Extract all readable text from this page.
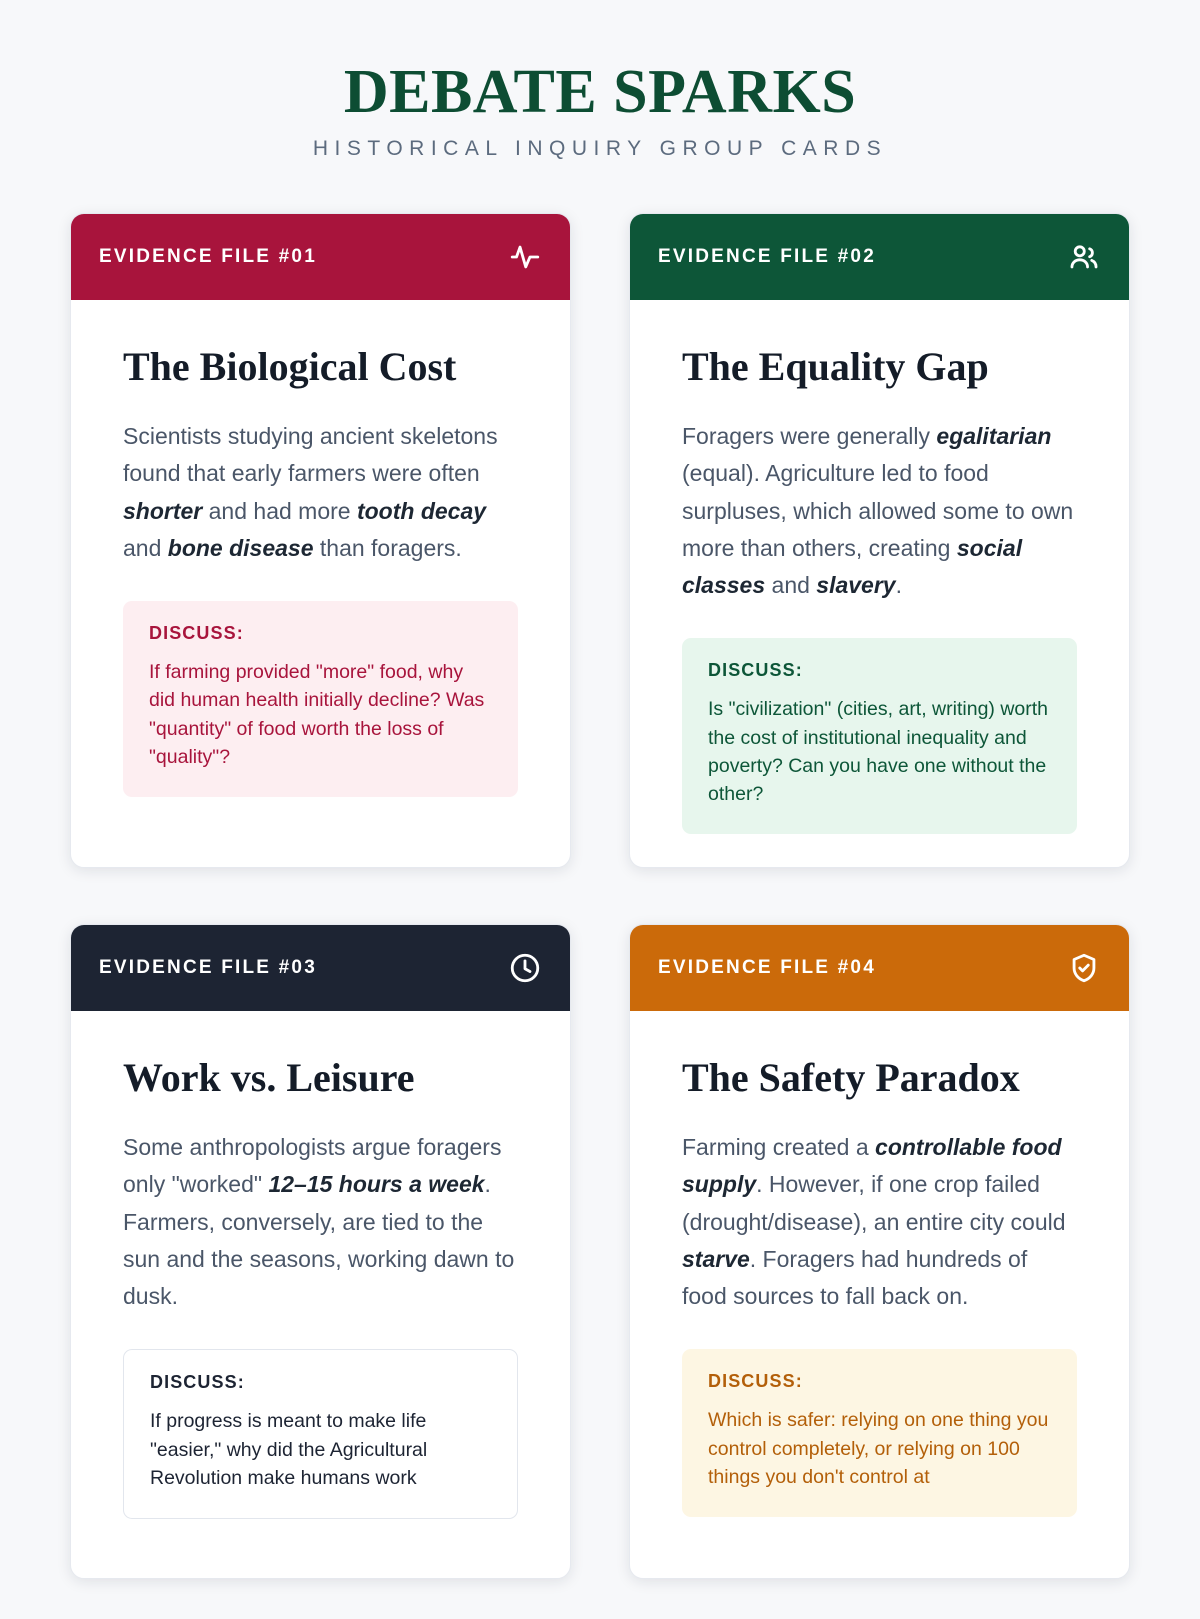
DEBATE SPARKS

HISTORICAL INQUIRY GROUP CARDS

EVIDENCE FILE #01
The Biological Cost

Scientists studying ancient skeletons found that early farmers were often shorter and had more tooth decay and bone disease than foragers.

DISCUSS:

If farming provided "more" food, why did human health initially decline? Was "quantity" of food worth the loss of "quality"?

EVIDENCE FILE #02
The Equality Gap

Foragers were generally egalitarian (equal). Agriculture led to food surpluses, which allowed some to own more than others, creating social classes and slavery.

DISCUSS:

Is "civilization" (cities, art, writing) worth the cost of institutional inequality and poverty? Can you have one without the other?

EVIDENCE FILE #03
Work vs. Leisure

Some anthropologists argue foragers only "worked" 12–15 hours a week. Farmers, conversely, are tied to the sun and the seasons, working dawn to dusk.

DISCUSS:

If progress is meant to make life "easier," why did the Agricultural Revolution make humans work

EVIDENCE FILE #04
The Safety Paradox

Farming created a controllable food supply. However, if one crop failed (drought/disease), an entire city could starve. Foragers had hundreds of food sources to fall back on.

DISCUSS:

Which is safer: relying on one thing you control completely, or relying on 100 things you don't control at
